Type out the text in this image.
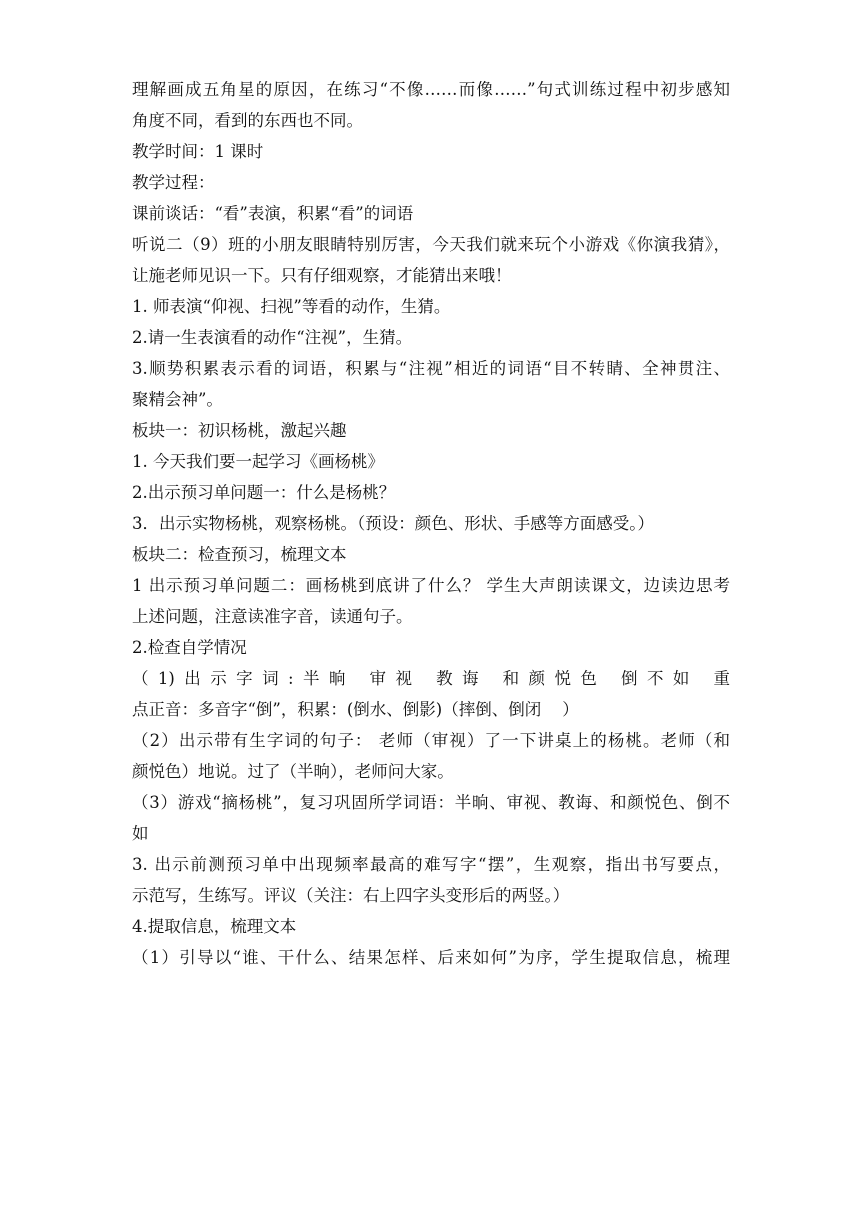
理解画成五角星的原因，在练习“不像……而像……”句式训练过程中初步感知
角度不同，看到的东西也不同。
教学时间：1 课时
教学过程：
课前谈话：“看”表演，积累“看”的词语
听说二（9）班的小朋友眼睛特别厉害，今天我们就来玩个小游戏《你演我猜》，
让施老师见识一下。只有仔细观察，才能猜出来哦！
1. 师表演“仰视、扫视”等看的动作，生猜。
2.请一生表演看的动作“注视”，生猜。
3.顺势积累表示看的词语，积累与“注视”相近的词语“目不转睛、全神贯注、
聚精会神”。
板块一：初识杨桃，激起兴趣
1. 今天我们要一起学习《画杨桃》
2.出示预习单问题一：什么是杨桃？
3．出示实物杨桃，观察杨桃。（预设：颜色、形状、手感等方面感受。）
板块二：检查预习，梳理文本
1 出示预习单问题二：画杨桃到底讲了什么？ 学生大声朗读课文，边读边思考
上述问题，注意读准字音，读通句子。
2.检查自学情况
（1)出示字词:半晌 审视 教诲 和颜悦色 倒不如 重
点正音：多音字“倒”，积累：(倒水、倒影)（摔倒、倒闭    ）
（2）出示带有生字词的句子： 老师（审视）了一下讲桌上的杨桃。老师（和
颜悦色）地说。过了（半晌），老师问大家。
（3）游戏“摘杨桃”，复习巩固所学词语：半晌、审视、教诲、和颜悦色、倒不
如
3. 出示前测预习单中出现频率最高的难写字“摆”，生观察，指出书写要点，
示范写，生练写。评议（关注：右上四字头变形后的两竖。）
4.提取信息，梳理文本
（1）引导以“谁、干什么、结果怎样、后来如何”为序，学生提取信息，梳理
